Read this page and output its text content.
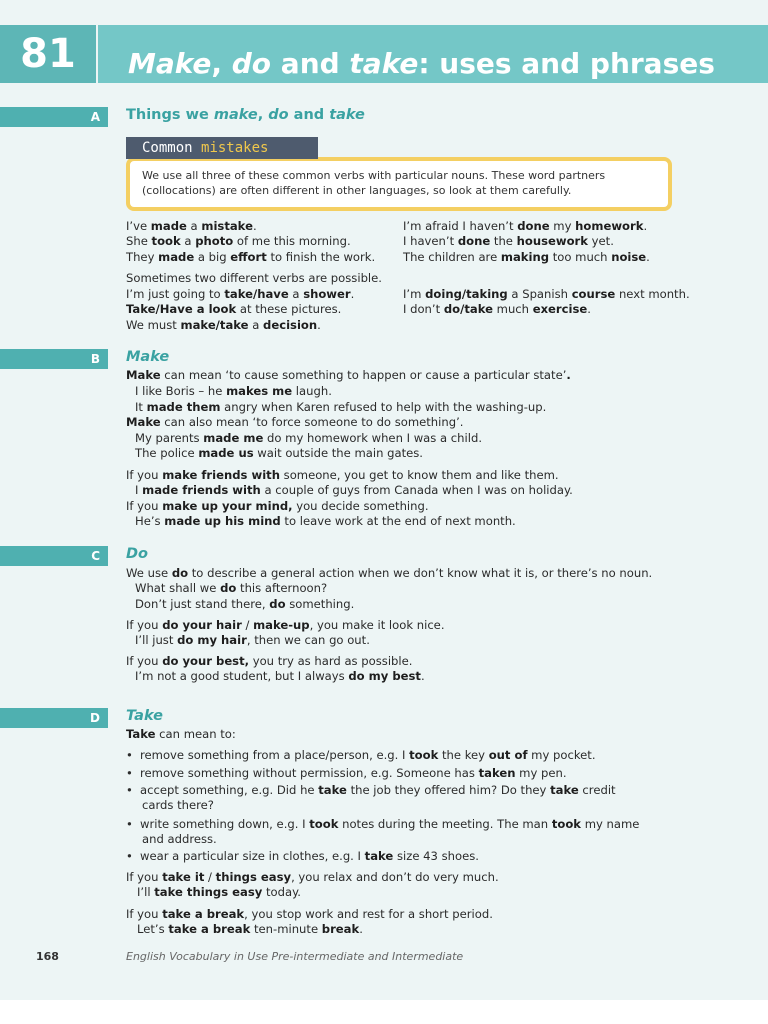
81	Make, do and take: uses and phrases
A	Things we make, do and take
We use all three of these common verbs with particular nouns. These word partners
(collocations) are often different in other languages, so look at them carefully.
Common mistakes
I’ve made a mistake.
She took a photo of me this morning.
They made a big effort to finish the work.
Sometimes two different verbs are possible.
I’m just going to take/have a shower.
Take/Have a look at these pictures.
We must make/take a decision.
I’m afraid I haven’t done my homework.
I haven’t done the housework yet.
The children are making too much noise.
I’m doing/taking a Spanish course next month.
I don’t do/take much exercise.
B	Make
Make can mean ‘to cause something to happen or cause a particular state’.
I like Boris – he makes me laugh.
It made them angry when Karen refused to help with the washing-up.
Make can also mean ‘to force someone to do something’.
My parents made me do my homework when I was a child.
The police made us wait outside the main gates.
If you make friends with someone, you get to know them and like them.
I made friends with a couple of guys from Canada when I was on holiday.
If you make up your mind, you decide something.
He’s made up his mind to leave work at the end of next month.
C	Do
We use do to describe a general action when we don’t know what it is, or there’s no noun.
What shall we do this afternoon?
Don’t just stand there, do something.
If you do your hair / make-up, you make it look nice.
I’ll just do my hair, then we can go out.
If you do your best, you try as hard as possible.
I’m not a good student, but I always do my best.
D	Take
Take can mean to:
• remove something from a place/person, e.g. I took the key out of my pocket.
• remove something without permission, e.g. Someone has taken my pen.
• accept something, e.g. Did he take the job they offered him? Do they take credit
cards there?
• write something down, e.g. I took notes during the meeting. The man took my name
and address.
• wear a particular size in clothes, e.g. I take size 43 shoes.
If you take it / things easy, you relax and don’t do very much.
I’ll take things easy today.
If you take a break, you stop work and rest for a short period.
Let’s take a break ten-minute break.
168	English Vocabulary in Use Pre-intermediate and Intermediate
